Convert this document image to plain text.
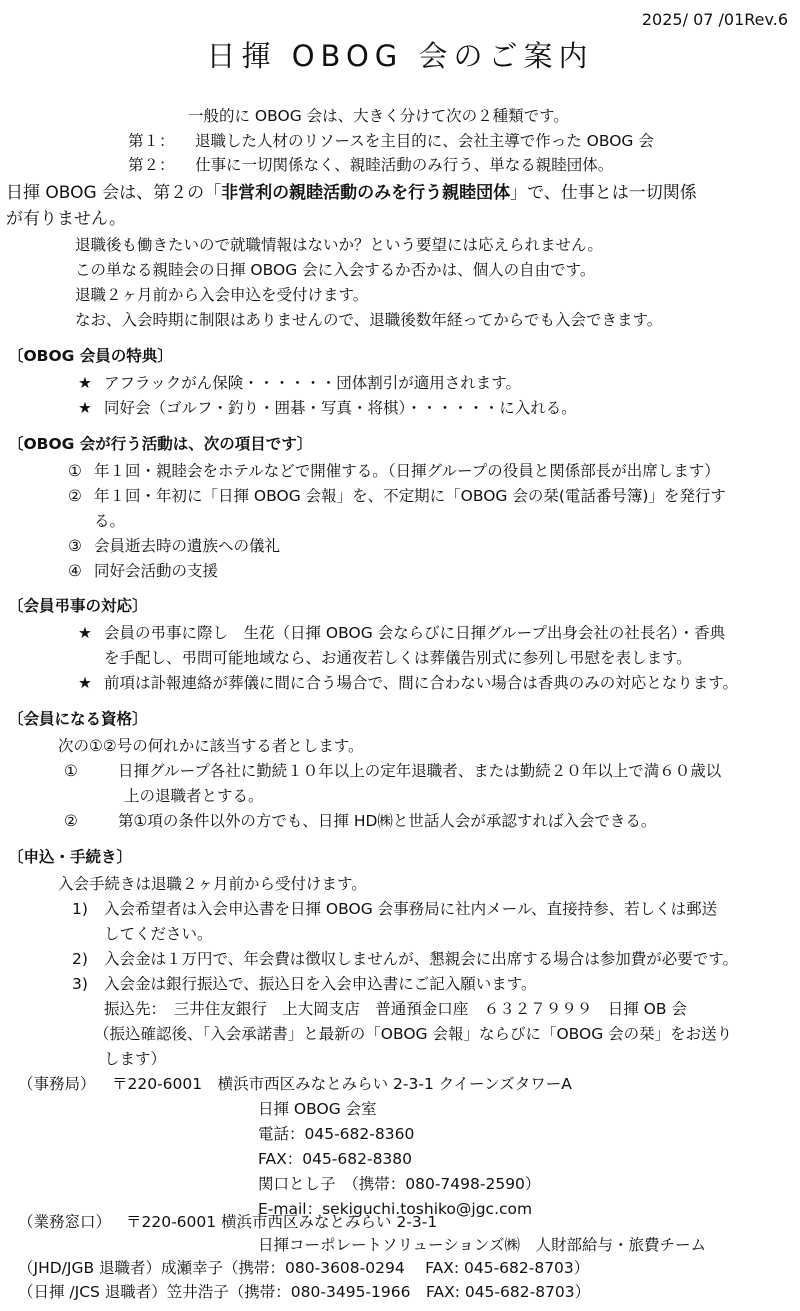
2025/ 07 /01Rev.6
日揮 OBOG 会のご案内
一般的に OBOG 会は、大きく分けて次の２種類です。
第１： 退職した人材のリソースを主目的に、会社主導で作った OBOG 会
第２： 仕事に一切関係なく、親睦活動のみ行う、単なる親睦団体。
日揮 OBOG 会は、第２の「非営利の親睦活動のみを行う親睦団体」で、仕事とは一切関係
が有りません。
退職後も働きたいので就職情報はないか？という要望には応えられません。
この単なる親睦会の日揮 OBOG 会に入会するか否かは、個人の自由です。
退職２ヶ月前から入会申込を受付けます。
なお、入会時期に制限はありませんので、退職後数年経ってからでも入会できます。
〔OBOG 会員の特典〕
★ アフラックがん保険・・・・・・団体割引が適用されます。
★ 同好会（ゴルフ・釣り・囲碁・写真・将棋）・・・・・・に入れる。
〔OBOG 会が行う活動は、次の項目です〕
① 年１回・親睦会をホテルなどで開催する。（日揮グループの役員と関係部長が出席します）
② 年１回・年初に「日揮 OBOG 会報」を、不定期に「OBOG 会の栞(電話番号簿)」を発行す
る。
③ 会員逝去時の遺族への儀礼
④ 同好会活動の支援
〔会員弔事の対応〕
★ 会員の弔事に際し　生花（日揮 OBOG 会ならびに日揮グループ出身会社の社長名）・香典
を手配し、弔問可能地域なら、お通夜若しくは葬儀告別式に参列し弔慰を表します。
★ 前項は訃報連絡が葬儀に間に合う場合で、間に合わない場合は香典のみの対応となります。
〔会員になる資格〕
次の①②号の何れかに該当する者とします。
①	日揮グループ各社に勤続１０年以上の定年退職者、または勤続２０年以上で満６０歳以
上の退職者とする。
②	第①項の条件以外の方でも、日揮 HD㈱と世話人会が承認すれば入会できる。
〔申込・手続き〕
入会手続きは退職２ヶ月前から受付けます。
1) 入会希望者は入会申込書を日揮 OBOG 会事務局に社内メール、直接持参、若しくは郵送
してください。
2) 入会金は１万円で、年会費は徴収しませんが、懇親会に出席する場合は参加費が必要です。
3) 入会金は銀行振込で、振込日を入会申込書にご記入願います。
振込先：　三井住友銀行　上大岡支店　普通預金口座　６３２７９９９　日揮 OB 会
（振込確認後、「入会承諾書」と最新の「OBOG 会報」ならびに「OBOG 会の栞」をお送り
します）
（事務局） 〒220-6001　横浜市西区みなとみらい 2-3-1 クイーンズタワーA
日揮 OBOG 会室
電話：045-682-8360
FAX：045-682-8380
関口とし子　（携帯：080-7498-2590）
E-mail：sekiguchi.toshiko@jgc.com
（業務窓口） 〒220-6001 横浜市西区みなとみらい 2-3-1
日揮コーポレートソリューションズ㈱　人財部給与・旅費チーム
（JHD/JGB 退職者）成瀬幸子（携帯：080-3608-0294　 FAX: 045-682-8703）
（日揮 /JCS 退職者）笠井浩子（携帯：080-3495-1966　FAX: 045-682-8703）
